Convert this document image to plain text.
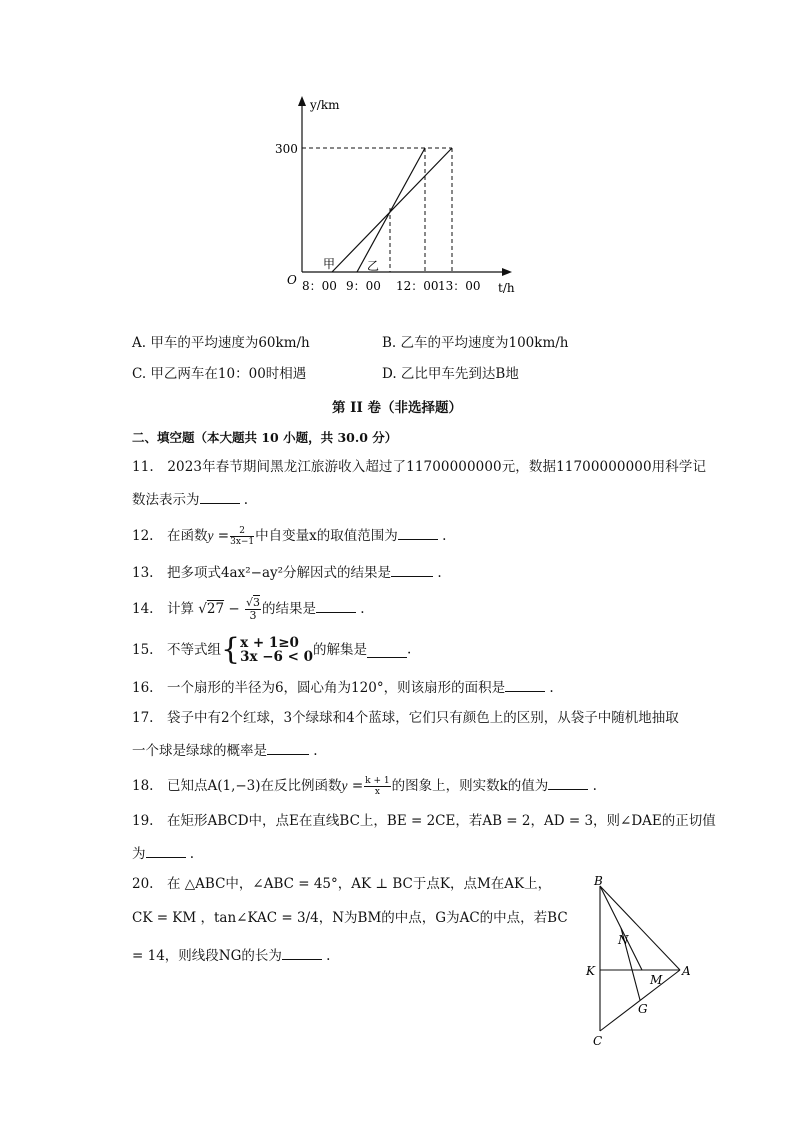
y/km
300
O
甲	乙
8：00 9：00 12：00 13：00 t/h
A. 甲车的平均速度为60km/h	B. 乙车的平均速度为100km/h
C. 甲乙两车在10：00时相遇	D. 乙比甲车先到达B地
第 II 卷（非选择题）
二、填空题（本大题共 10 小题，共 30.0 分）
11.　2023年春节期间黑龙江旅游收入超过了11700000000元，数据11700000000用科学记
数法表示为	.
12.　在函数$y = \frac{2}{3x-1}$ 中自变量x的取值范围为	.
13.　把多项式4ax²−ay²分解因式的结果是	.
14.　计算 $√27 - \frac{√3}{3}$ 的结果是	.
15.　不等式组{ x + 1≥0
3x −6 < 0 的解集是	.
16.　一个扇形的半径为6，圆心角为120°，则该扇形的面积是	.
17.　袋子中有2个红球，3个绿球和4个蓝球，它们只有颜色上的区别，从袋子中随机地抽取
一个球是绿球的概率是	.
18.　已知点A(1,−3)在反比例函数$y = \frac{k + 1}{x}$ 的图象上，则实数k的值为	.
19.　在矩形ABCD中，点E在直线BC上，BE = 2CE，若AB = 2，AD = 3，则∠DAE的正切值
为	.
20.　在 △ABC中，∠ABC = 45°，AK ⊥ BC于点K，点M在AK上，
CK = KM ，tan∠KAC = 3/4，N为BM的中点，G为AC的中点，若BC
= 14，则线段NG的长为	.
B
N
K
M
A
G
C
